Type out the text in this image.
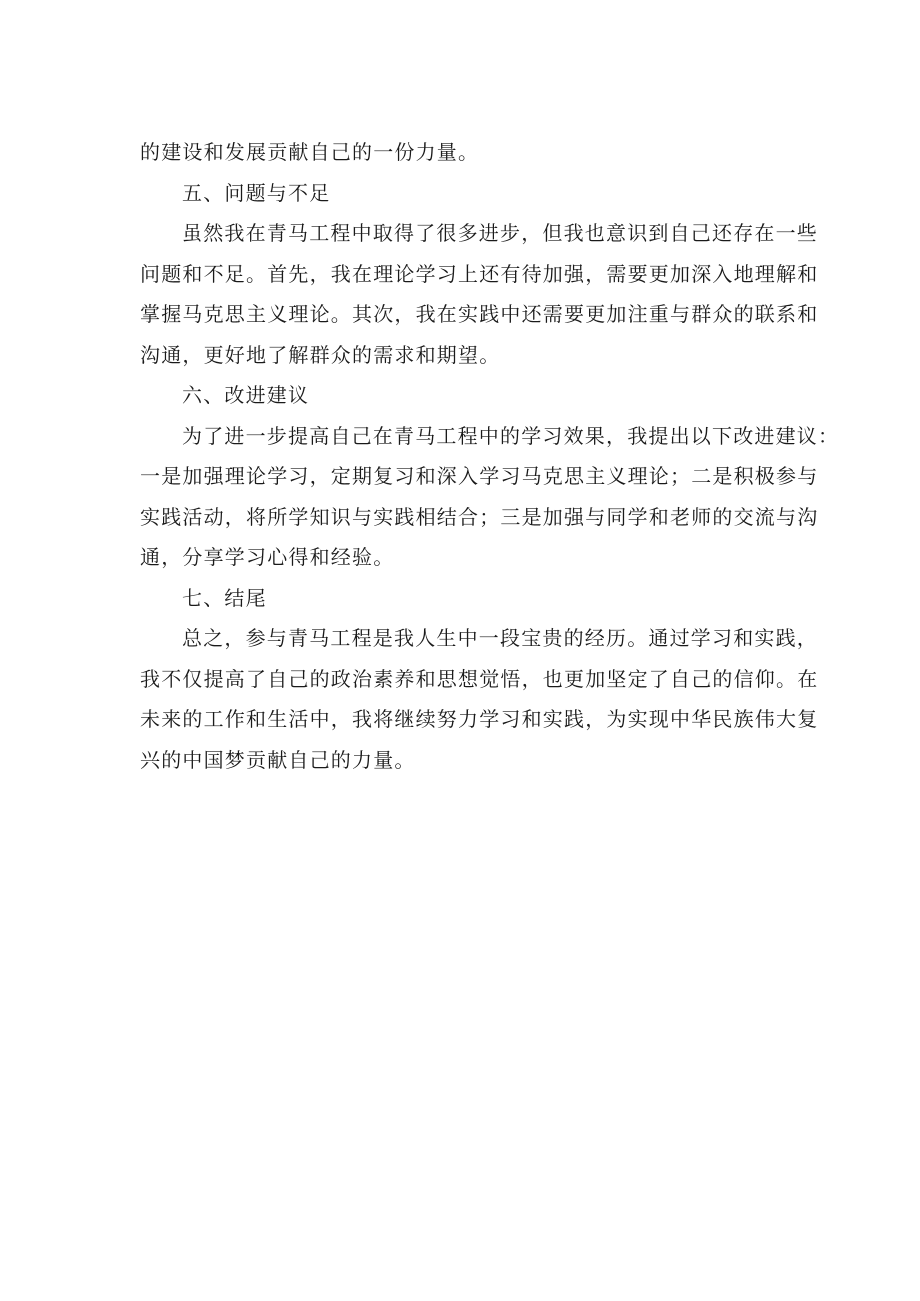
的建设和发展贡献自己的一份力量。
五、问题与不足
虽然我在青马工程中取得了很多进步，但我也意识到自己还存在一些
问题和不足。首先，我在理论学习上还有待加强，需要更加深入地理解和
掌握马克思主义理论。其次，我在实践中还需要更加注重与群众的联系和
沟通，更好地了解群众的需求和期望。
六、改进建议
为了进一步提高自己在青马工程中的学习效果，我提出以下改进建议：
一是加强理论学习，定期复习和深入学习马克思主义理论；二是积极参与
实践活动，将所学知识与实践相结合；三是加强与同学和老师的交流与沟
通，分享学习心得和经验。
七、结尾
总之，参与青马工程是我人生中一段宝贵的经历。通过学习和实践，
我不仅提高了自己的政治素养和思想觉悟，也更加坚定了自己的信仰。在
未来的工作和生活中，我将继续努力学习和实践，为实现中华民族伟大复
兴的中国梦贡献自己的力量。
